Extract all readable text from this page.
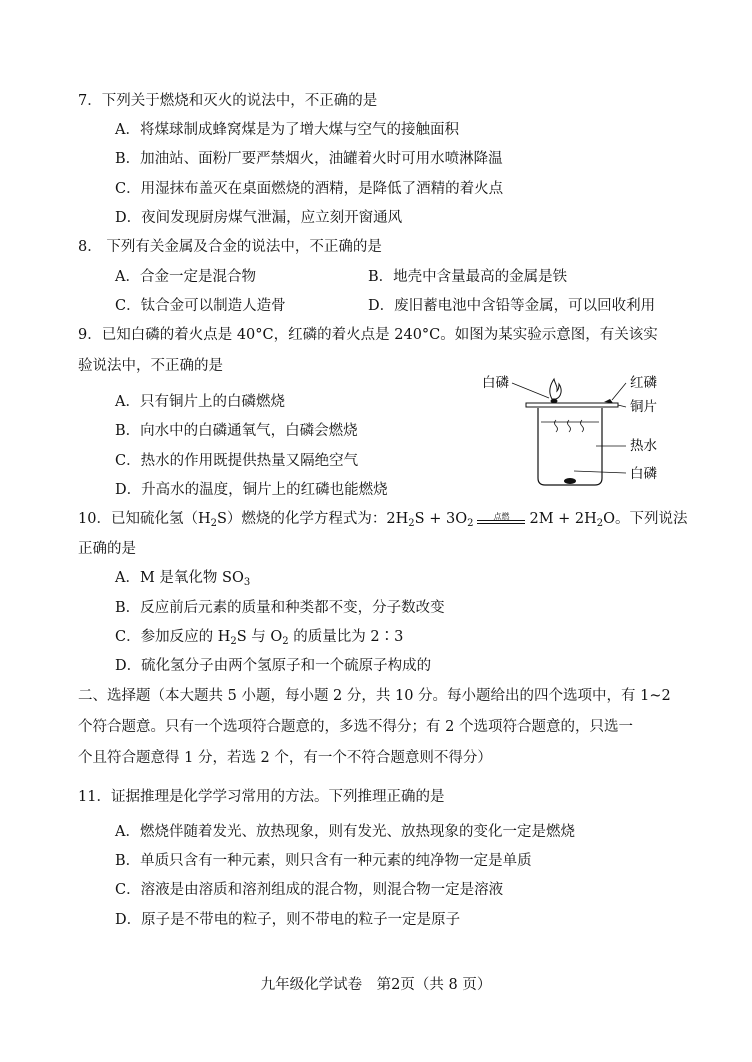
7．下列关于燃烧和灭火的说法中，不正确的是
A．将煤球制成蜂窝煤是为了增大煤与空气的接触面积
B．加油站、面粉厂要严禁烟火，油罐着火时可用水喷淋降温
C．用湿抹布盖灭在桌面燃烧的酒精，是降低了酒精的着火点
D．夜间发现厨房煤气泄漏，应立刻开窗通风
8． 下列有关金属及合金的说法中，不正确的是
A．合金一定是混合物	B．地壳中含量最高的金属是铁
C．钛合金可以制造人造骨	D．废旧蓄电池中含铅等金属，可以回收利用
9．已知白磷的着火点是 40°C，红磷的着火点是 240°C。如图为某实验示意图，有关该实
验说法中，不正确的是
A．只有铜片上的白磷燃烧
B．向水中的白磷通氧气，白磷会燃烧
C．热水的作用既提供热量又隔绝空气
D．升高水的温度，铜片上的红磷也能燃烧
白磷	红磷
铜片
热水
白磷
10．已知硫化氢$(H_2S)$燃烧的化学方程式为：$2H_2S + 3O_2$
点燃	$2M + 2H_2O$。下列说法
正确的是
A．M 是氧化物 $SO_3$
B．反应前后元素的质量和种类都不变，分子数改变
C．参加反应的 $H_2S$ 与 $O_2$ 的质量比为 2∶3
D．硫化氢分子由两个氢原子和一个硫原子构成的
二、选择题（本大题共 5 小题，每小题 2 分，共 10 分。每小题给出的四个选项中，有 1~2
个符合题意。只有一个选项符合题意的，多选不得分；有 2 个选项符合题意的，只选一
个且符合题意得 1 分，若选 2 个，有一个不符合题意则不得分）
11．证据推理是化学学习常用的方法。下列推理正确的是
A．燃烧伴随着发光、放热现象，则有发光、放热现象的变化一定是燃烧
B．单质只含有一种元素，则只含有一种元素的纯净物一定是单质
C．溶液是由溶质和溶剂组成的混合物，则混合物一定是溶液
D．原子是不带电的粒子，则不带电的粒子一定是原子
九年级化学试卷　第2页（共 8 页）
